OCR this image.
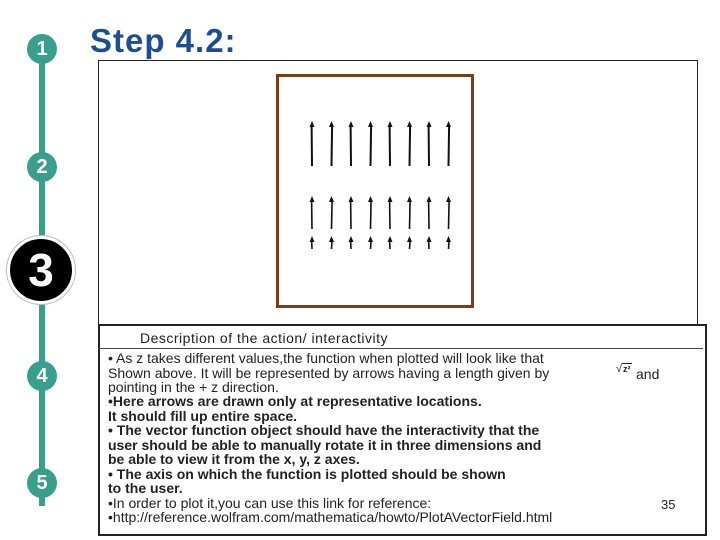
1
2
3
4
5
Step 4.2:
Description of the action/ interactivity
• As z takes different values,the function when plotted will look like that
Shown above. It will be represented by arrows having a length given by	√z² and
pointing in the + z direction.
•Here arrows are drawn only at representative locations.
It should fill up entire space.
• The vector function object should have the interactivity that the
user should be able to manually rotate it in three dimensions and
be able to view it from the x, y, z axes.
• The axis on which the function is plotted should be shown
to the user.
•In order to plot it,you can use this link for reference:
•http://reference.wolfram.com/mathematica/howto/PlotAVectorField.html
35
